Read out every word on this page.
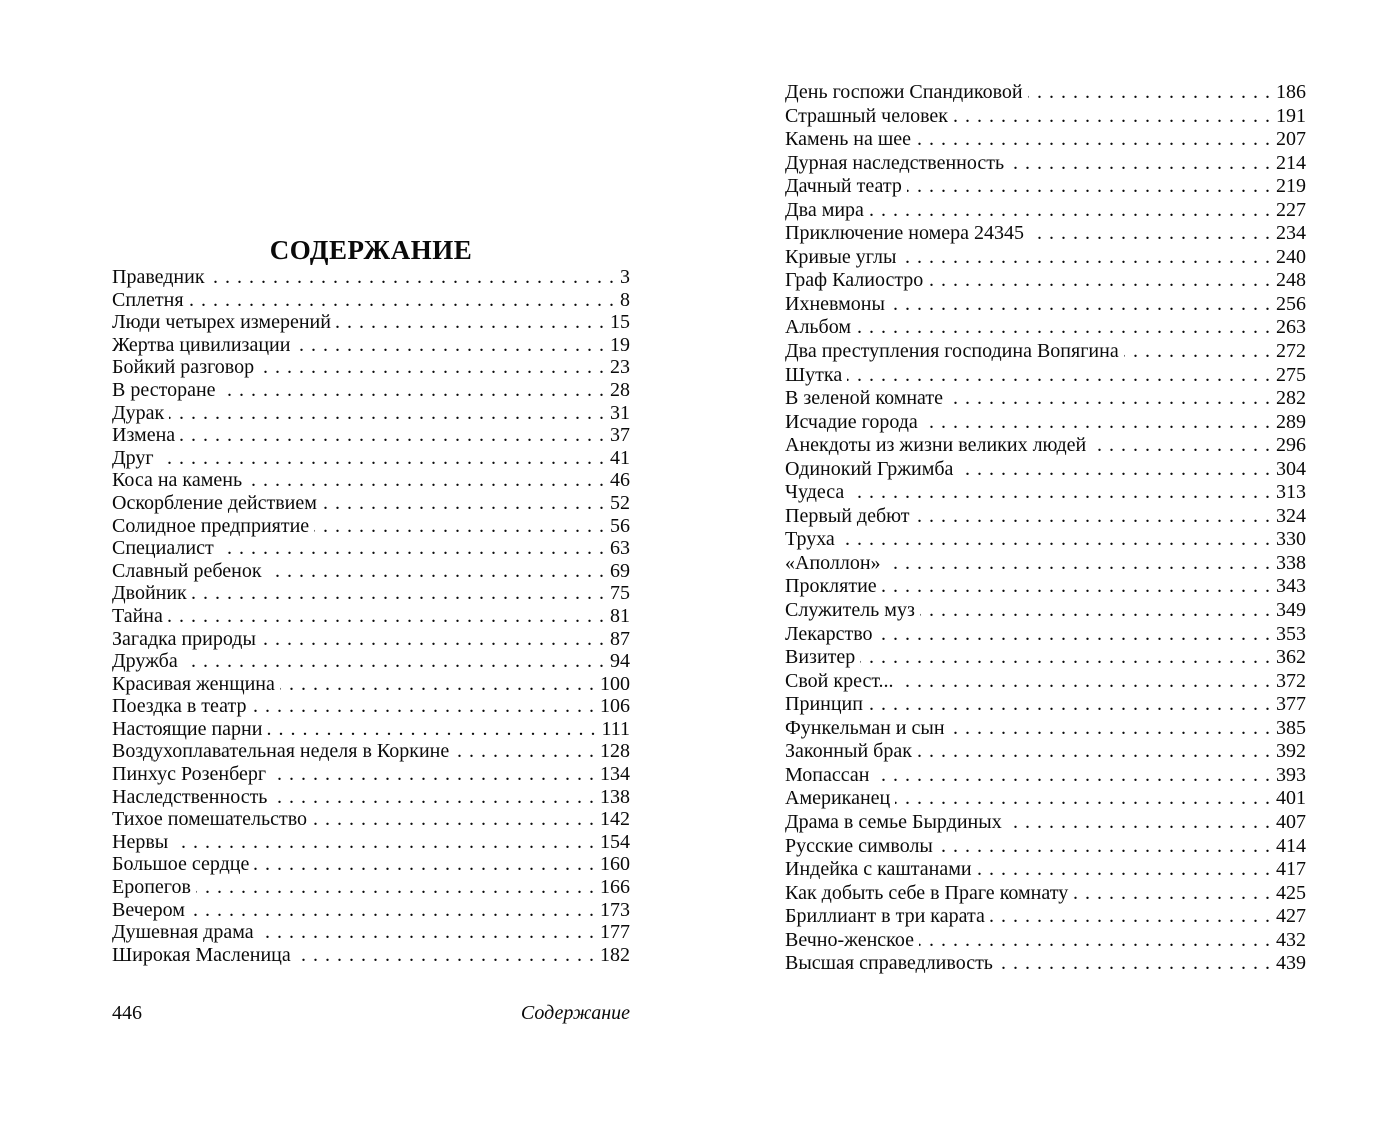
СОДЕРЖАНИЕ
Праведник . . .	3
Сплетня . . .	8
Люди четырех измерений . . .	15
Жертва цивилизации . . .	19
Бойкий разговор . . .	23
В ресторане . . .	28
Дурак . . .	31
Измена . . .	37
Друг . . .	41
Коса на камень . . .	46
Оскорбление действием . . .	52
Солидное предприятие . . .	56
Специалист . . .	63
Славный ребенок . . .	69
Двойник . . .	75
Тайна . . .	81
Загадка природы . . .	87
Дружба . . .	94
Красивая женщина . . .	100
Поездка в театр . . .	106
Настоящие парни . . .	111
Воздухоплавательная неделя в Коркине . . .	128
Пинхус Розенберг . . .	134
Наследственность . . .	138
Тихое помешательство . . .	142
Нервы . . .	154
Большое сердце . . .	160
Еропегов . . .	166
Вечером . . .	173
Душевная драма . . .	177
Широкая Масленица . . .	182
День госпожи Спандиковой . . .	186
Страшный человек . . .	191
Камень на шее . . .	207
Дурная наследственность . . .	214
Дачный театр . . .	219
Два мира . . .	227
Приключение номера 24345 . . .	234
Кривые углы . . .	240
Граф Калиостро . . .	248
Ихневмоны . . .	256
Альбом . . .	263
Два преступления господина Вопягина . . .	272
Шутка . . .	275
В зеленой комнате . . .	282
Исчадие города . . .	289
Анекдоты из жизни великих людей . . .	296
Одинокий Гржимба . . .	304
Чудеса . . .	313
Первый дебют . . .	324
Труха . . .	330
«Аполлон» . . .	338
Проклятие . . .	343
Служитель муз . . .	349
Лекарство . . .	353
Визитер . . .	362
Свой крест... . . .	372
Принцип . . .	377
Функельман и сын . . .	385
Законный брак . . .	392
Мопассан . . .	393
Американец . . .	401
Драма в семье Бырдиных . . .	407
Русские символы . . .	414
Индейка с каштанами . . .	417
Как добыть себе в Праге комнату . . .	425
Бриллиант в три карата . . .	427
Вечно-женское . . .	432
Высшая справедливость . . .	439
446	Содержание
